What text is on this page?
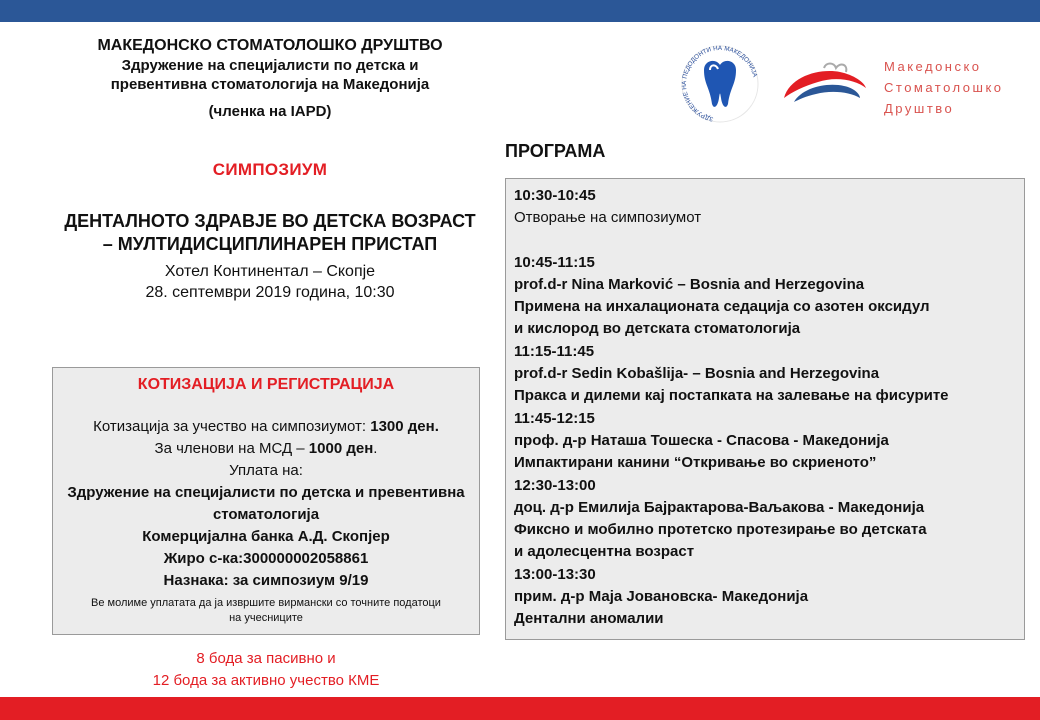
МАКЕДОНСКО СТОМАТОЛОШКО ДРУШТВО
Здружение на специјалисти по детска и
превентивна стоматологија на Македонија
(членка на IAPD)
СИМПОЗИУМ
ДЕНТАЛНОТО ЗДРАВЈЕ ВО ДЕТСКА ВОЗРАСТ
– МУЛТИДИСЦИПЛИНАРЕН ПРИСТАП
Хотел Континентал – Скопје
28. септември 2019 година, 10:30
КОТИЗАЦИЈА И РЕГИСТРАЦИЈА
Котизација за учество на симпозиумот: 1300 ден.
За членови на МСД – 1000 ден.
Уплата на:
Здружение на специјалисти по детска и превентивна
стоматологија
Комерцијална банка А.Д. Скопјер
Жиро с-ка:300000002058861
Назнака: за симпозиум 9/19
Ве молиме уплатата да ја извршите вирмански со точните податоци
на учесниците
8 бода за пасивно и
12 бода за активно учество КМЕ
ЗДРУЖЕНИЕ НА ПЕДОДОНТИ НА МАКЕДОНИЈА
Македонско
Стоматолошко
Друштво
ПРОГРАМА
10:30-10:45
Отворање на симпозиумот
10:45-11:15
prof.d-r Nina Marković – Bosnia and Herzegovina
Примена на инхалационата седација со азотен оксидул
и кислород во детската стоматологија
11:15-11:45
prof.d-r Sedin Kobašlija- – Bosnia and Herzegovina
Пракса и дилеми кај постапката на залевање на фисурите
11:45-12:15
проф. д-р Наташа Тошеска - Спасова - Македонија
Импактирани канини “Откривање во скриеното”
12:30-13:00
доц. д-р Емилија Бајрактарова-Ваљакова - Македонија
Фиксно и мобилно протетско протезирање во детската
и адолесцентна возраст
13:00-13:30
прим. д-р Маја Јовановска- Македонија
Дентални аномалии
